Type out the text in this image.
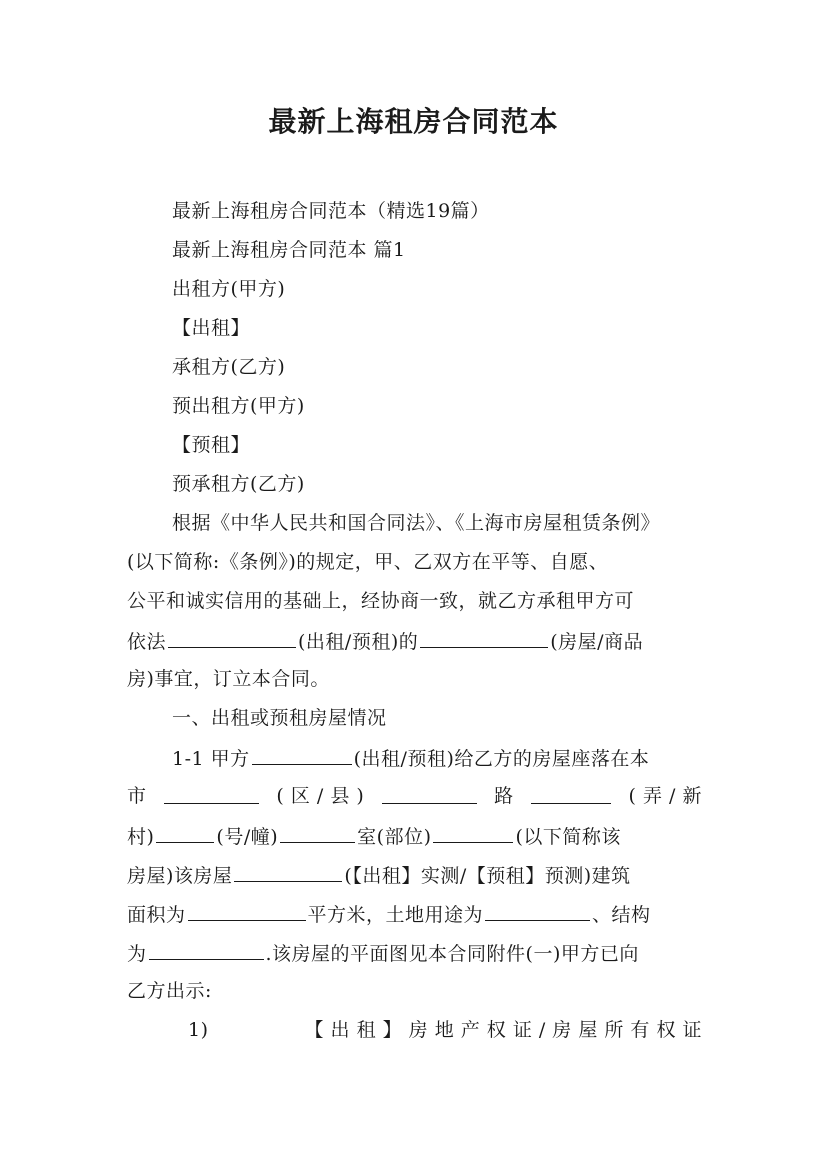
最新上海租房合同范本
最新上海租房合同范本（精选19篇）
最新上海租房合同范本 篇1
出租方(甲方)
【出租】
承租方(乙方)
预出租方(甲方)
【预租】
预承租方(乙方)
根据《中华人民共和国合同法》、《上海市房屋租赁条例》
(以下简称:《条例》)的规定，甲、乙双方在平等、自愿、
公平和诚实信用的基础上，经协商一致，就乙方承租甲方可
依法	(出租/预租)的	(房屋/商品
房)事宜，订立本合同。
一、出租或预租房屋情况
1-1 甲方	(出租/预租)给乙方的房屋座落在本
市	( 区 / 县 )	路	( 弄 / 新
村)	(号/幢)	室(部位)	(以下简称该
房屋)该房屋	(【出租】实测/【预租】预测)建筑
面积为	平方米，土地用途为	、结构
为	.该房屋的平面图见本合同附件(一)甲方已向
乙方出示:
1)	【 出 租 】 房 地 产 权 证 / 房 屋 所 有 权 证
